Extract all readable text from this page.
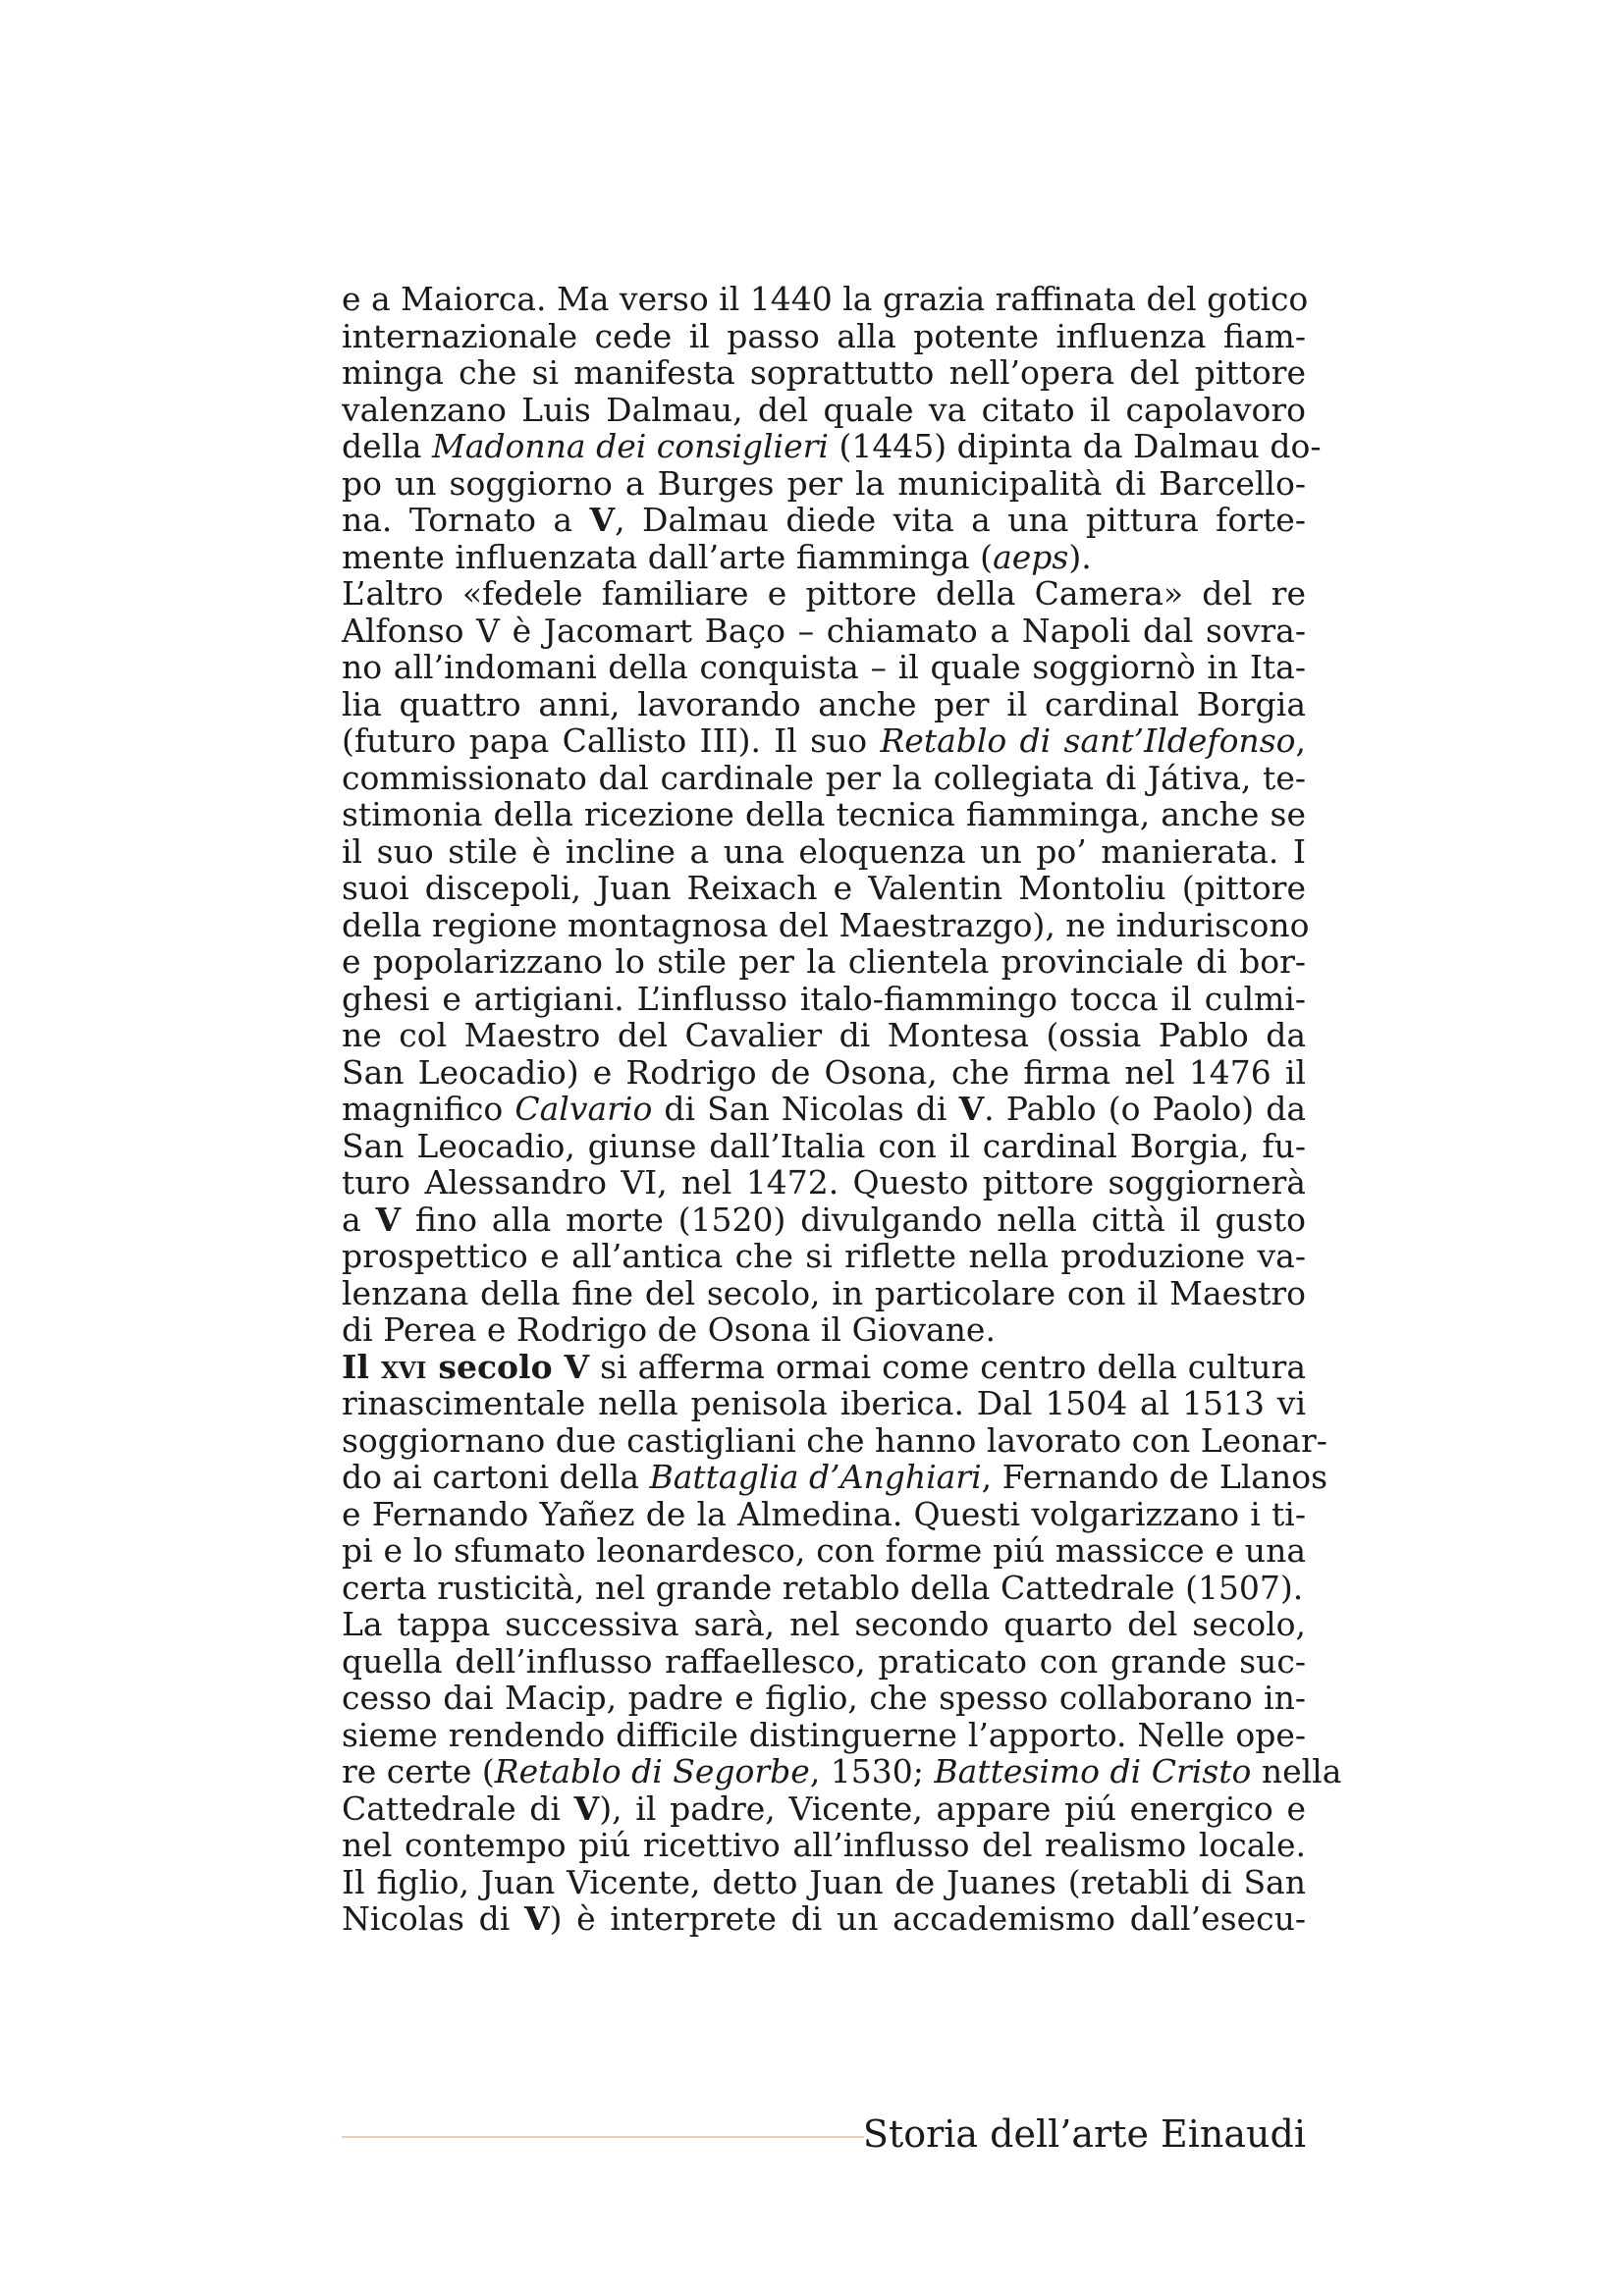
e a Maiorca. Ma verso il 1440 la grazia raffinata del gotico
internazionale cede il passo alla potente influenza fiam-
minga che si manifesta soprattutto nell’opera del pittore
valenzano Luis Dalmau, del quale va citato il capolavoro
della Madonna dei consiglieri (1445) dipinta da Dalmau do-
po un soggiorno a Burges per la municipalità di Barcello-
na. Tornato a V, Dalmau diede vita a una pittura forte-
mente influenzata dall’arte fiamminga (aeps).
L’altro «fedele familiare e pittore della Camera» del re
Alfonso V è Jacomart Baço – chiamato a Napoli dal sovra-
no all’indomani della conquista – il quale soggiornò in Ita-
lia quattro anni, lavorando anche per il cardinal Borgia
(futuro papa Callisto III). Il suo Retablo di sant’Ildefonso,
commissionato dal cardinale per la collegiata di Játiva, te-
stimonia della ricezione della tecnica fiamminga, anche se
il suo stile è incline a una eloquenza un po’ manierata. I
suoi discepoli, Juan Reixach e Valentin Montoliu (pittore
della regione montagnosa del Maestrazgo), ne induriscono
e popolarizzano lo stile per la clientela provinciale di bor-
ghesi e artigiani. L’influsso italo-fiammingo tocca il culmi-
ne col Maestro del Cavalier di Montesa (ossia Pablo da
San Leocadio) e Rodrigo de Osona, che firma nel 1476 il
magnifico Calvario di San Nicolas di V. Pablo (o Paolo) da
San Leocadio, giunse dall’Italia con il cardinal Borgia, fu-
turo Alessandro VI, nel 1472. Questo pittore soggiornerà
a V fino alla morte (1520) divulgando nella città il gusto
prospettico e all’antica che si riflette nella produzione va-
lenzana della fine del secolo, in particolare con il Maestro
di Perea e Rodrigo de Osona il Giovane.
Il xvi secolo V si afferma ormai come centro della cultura
rinascimentale nella penisola iberica. Dal 1504 al 1513 vi
soggiornano due castigliani che hanno lavorato con Leonar-
do ai cartoni della Battaglia d’Anghiari, Fernando de Llanos
e Fernando Yañez de la Almedina. Questi volgarizzano i ti-
pi e lo sfumato leonardesco, con forme piú massicce e una
certa rusticità, nel grande retablo della Cattedrale (1507).
La tappa successiva sarà, nel secondo quarto del secolo,
quella dell’influsso raffaellesco, praticato con grande suc-
cesso dai Macip, padre e figlio, che spesso collaborano in-
sieme rendendo difficile distinguerne l’apporto. Nelle ope-
re certe (Retablo di Segorbe, 1530; Battesimo di Cristo nella
Cattedrale di V), il padre, Vicente, appare piú energico e
nel contempo piú ricettivo all’influsso del realismo locale.
Il figlio, Juan Vicente, detto Juan de Juanes (retabli di San
Nicolas di V) è interprete di un accademismo dall’esecu-
Storia dell’arte Einaudi
